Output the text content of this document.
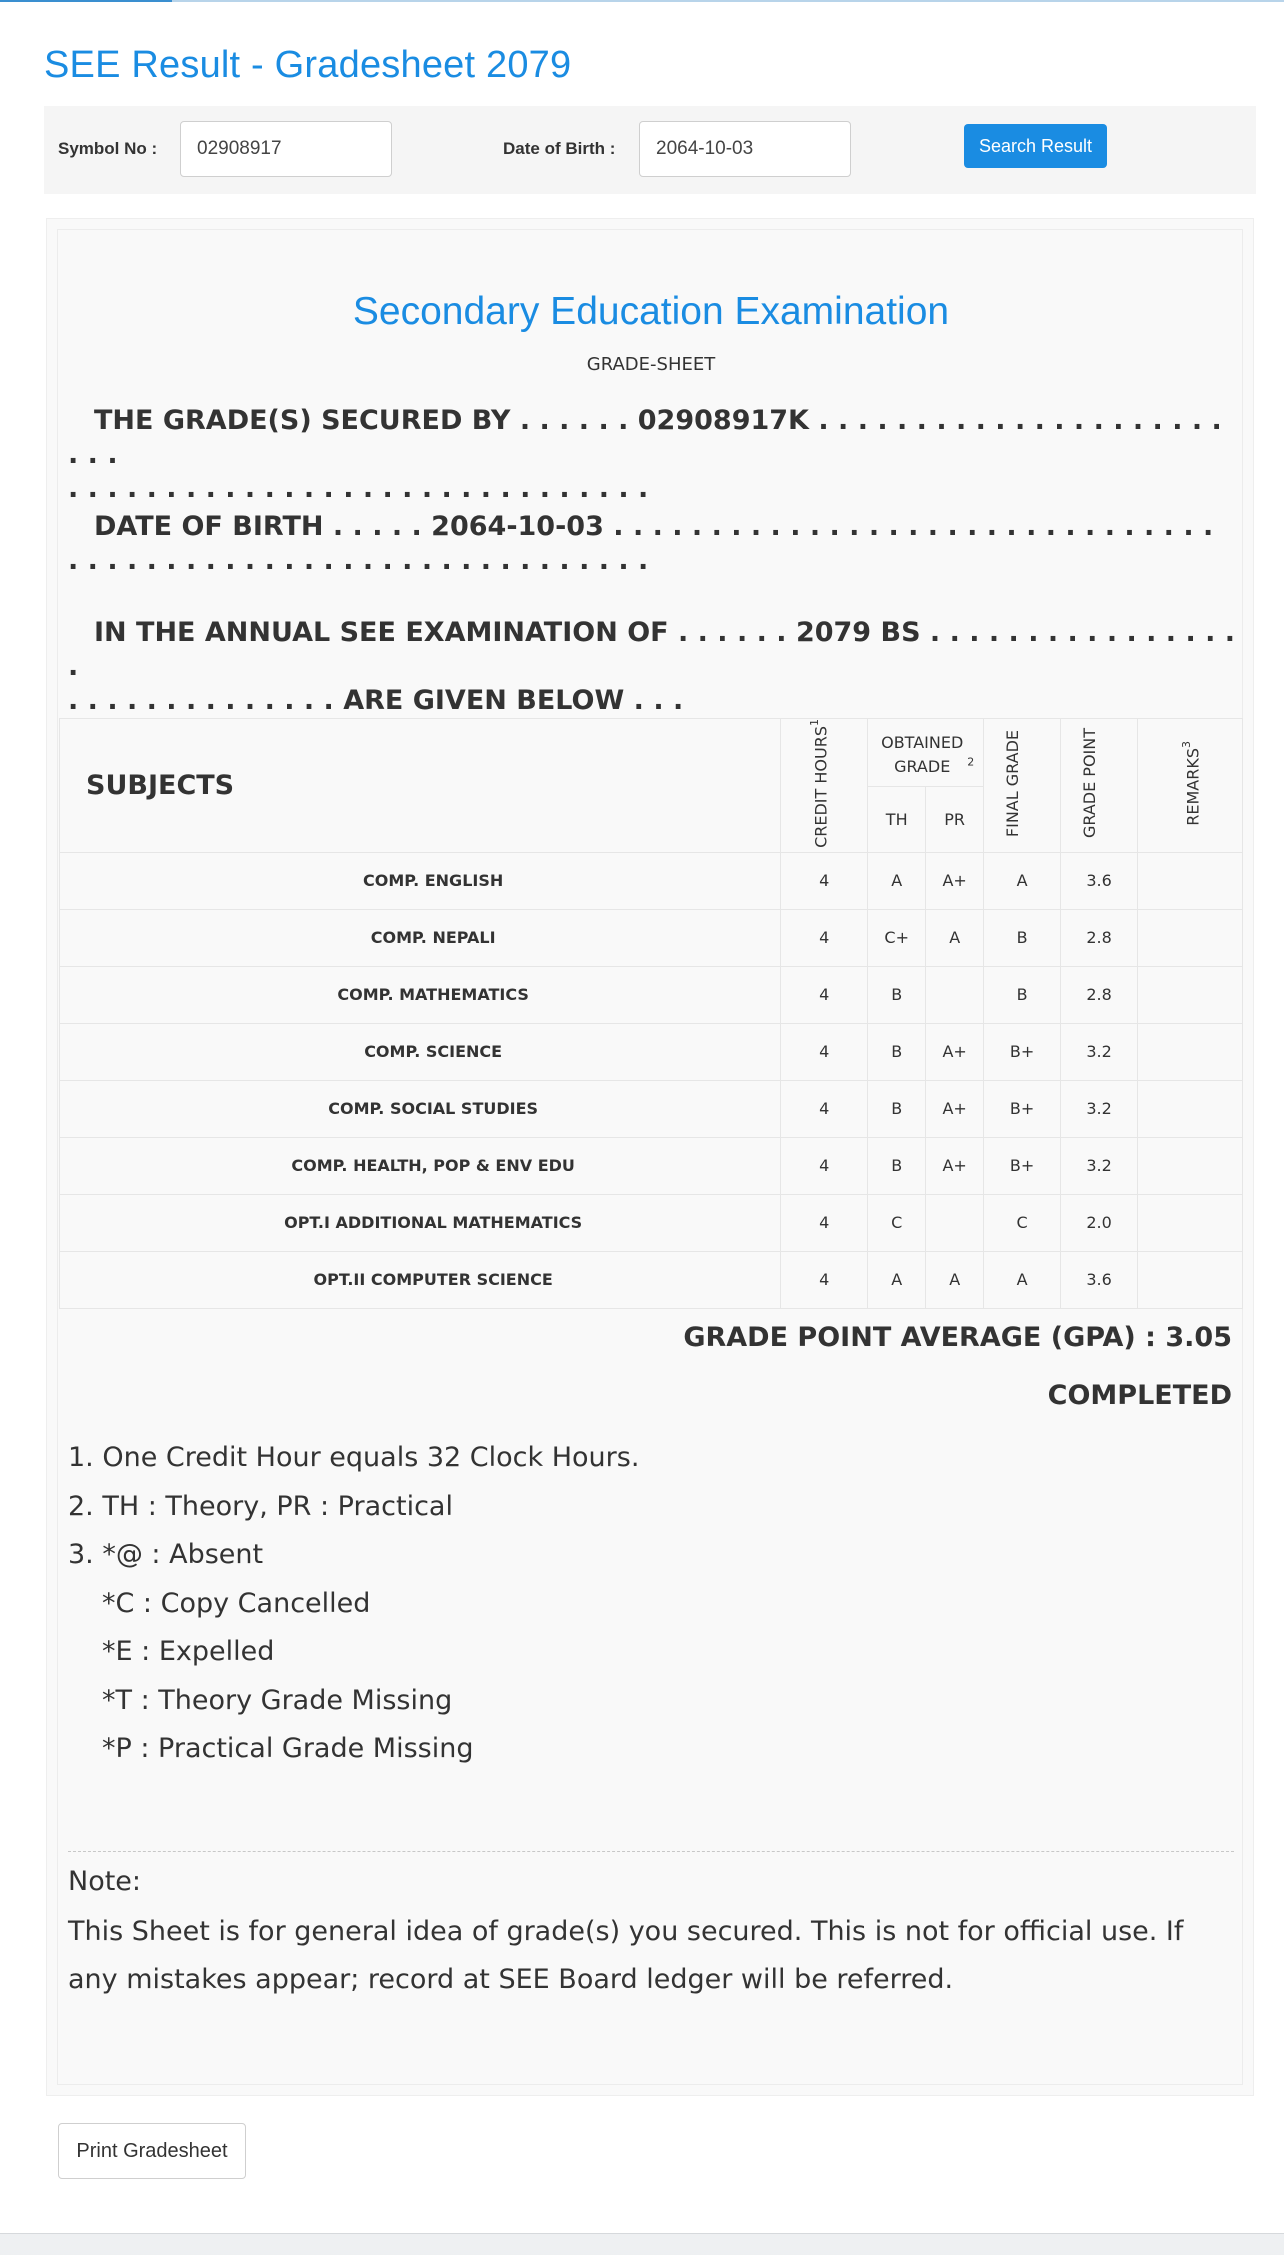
SEE Result - Gradesheet 2079
Symbol No :	02908917	Date of Birth :	2064-10-03	Search Result
Secondary Education Examination
GRADE-SHEET
THE GRADE(S) SECURED BY . . . . . . 02908917K . . . . . . . . . . . . . . . . . . . . . . . .
. . . . . . . . . . . . . . . . . . . . . . . . . . . . . .
DATE OF BIRTH . . . . . 2064-10-03 . . . . . . . . . . . . . . . . . . . . . . . . . . . . . . .
. . . . . . . . . . . . . . . . . . . . . . . . . . . . . .
IN THE ANNUAL SEE EXAMINATION OF . . . . . . 2079 BS . . . . . . . . . . . . . . . . .
. . . . . . . . . . . . . . ARE GIVEN BELOW . . .
SUBJECTS	CREDIT HOURS$^1$	OBTAINED GRADE $^2$		FINAL GRADE	GRADE POINT	REMARKS$^3$
		TH	PR			
COMP. ENGLISH	4	A	A+	A	3.6	
COMP. NEPALI	4	C+	A	B	2.8	
COMP. MATHEMATICS	4	B		B	2.8	
COMP. SCIENCE	4	B	A+	B+	3.2	
COMP. SOCIAL STUDIES	4	B	A+	B+	3.2	
COMP. HEALTH, POP & ENV EDU	4	B	A+	B+	3.2	
OPT.I ADDITIONAL MATHEMATICS	4	C		C	2.0	
OPT.II COMPUTER SCIENCE	4	A	A	A	3.6	
GRADE POINT AVERAGE (GPA) : 3.05
COMPLETED
1. One Credit Hour equals 32 Clock Hours.
2. TH : Theory, PR : Practical
3. *@ : Absent
*C : Copy Cancelled
*E : Expelled
*T : Theory Grade Missing
*P : Practical Grade Missing
Note:
This Sheet is for general idea of grade(s) you secured. This is not for official use. If any mistakes appear; record at SEE Board ledger will be referred.
Print Gradesheet
